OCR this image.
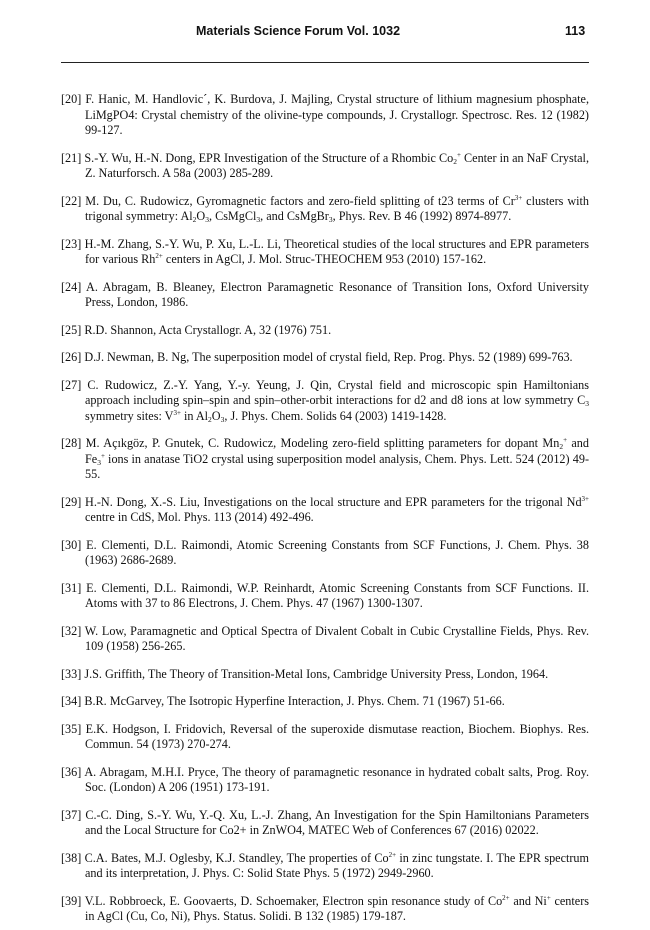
Materials Science Forum Vol. 1032	113

[20] F. Hanic, M. Handlovic´, K. Burdova, J. Majling, Crystal structure of lithium magnesium phosphate, LiMgPO4: Crystal chemistry of the olivine-type compounds, J. Crystallogr. Spectrosc. Res. 12 (1982) 99-127.

[21] S.-Y. Wu, H.-N. Dong, EPR Investigation of the Structure of a Rhombic $Co_2^+$ Center in an NaF Crystal, Z. Naturforsch. A 58a (2003) 285-289.

[22] M. Du, C. Rudowicz, Gyromagnetic factors and zero-field splitting of t23 terms of $Cr^{3+}$ clusters with trigonal symmetry: $Al_2O_3$, CsMgCl$_3$, and CsMgBr$_3$, Phys. Rev. B 46 (1992) 8974-8977.

[23] H.-M. Zhang, S.-Y. Wu, P. Xu, L.-L. Li, Theoretical studies of the local structures and EPR parameters for various $Rh^{2+}$ centers in AgCl, J. Mol. Struc-THEOCHEM 953 (2010) 157-162.

[24] A. Abragam, B. Bleaney, Electron Paramagnetic Resonance of Transition Ions, Oxford University Press, London, 1986.

[25] R.D. Shannon, Acta Crystallogr. A, 32 (1976) 751.

[26] D.J. Newman, B. Ng, The superposition model of crystal field, Rep. Prog. Phys. 52 (1989) 699-763.

[27] C. Rudowicz, Z.-Y. Yang, Y.-y. Yeung, J. Qin, Crystal field and microscopic spin Hamiltonians approach including spin–spin and spin–other-orbit interactions for d2 and d8 ions at low symmetry $C_3$ symmetry sites: $V^{3+}$ in $Al_2O_3$, J. Phys. Chem. Solids 64 (2003) 1419-1428.

[28] M. Açıkgöz, P. Gnutek, C. Rudowicz, Modeling zero-field splitting parameters for dopant $Mn_2^+$ and $Fe_3^+$ ions in anatase TiO2 crystal using superposition model analysis, Chem. Phys. Lett. 524 (2012) 49-55.

[29] H.-N. Dong, X.-S. Liu, Investigations on the local structure and EPR parameters for the trigonal $Nd^{3+}$ centre in CdS, Mol. Phys. 113 (2014) 492-496.

[30] E. Clementi, D.L. Raimondi, Atomic Screening Constants from SCF Functions, J. Chem. Phys. 38 (1963) 2686-2689.

[31] E. Clementi, D.L. Raimondi, W.P. Reinhardt, Atomic Screening Constants from SCF Functions. II. Atoms with 37 to 86 Electrons, J. Chem. Phys. 47 (1967) 1300-1307.

[32] W. Low, Paramagnetic and Optical Spectra of Divalent Cobalt in Cubic Crystalline Fields, Phys. Rev. 109 (1958) 256-265.

[33] J.S. Griffith, The Theory of Transition-Metal Ions, Cambridge University Press, London, 1964.

[34] B.R. McGarvey, The Isotropic Hyperfine Interaction, J. Phys. Chem. 71 (1967) 51-66.

[35] E.K. Hodgson, I. Fridovich, Reversal of the superoxide dismutase reaction, Biochem. Biophys. Res. Commun. 54 (1973) 270-274.

[36] A. Abragam, M.H.I. Pryce, The theory of paramagnetic resonance in hydrated cobalt salts, Prog. Roy. Soc. (London) A 206 (1951) 173-191.

[37] C.-C. Ding, S.-Y. Wu, Y.-Q. Xu, L.-J. Zhang, An Investigation for the Spin Hamiltonians Parameters and the Local Structure for Co2+ in ZnWO4, MATEC Web of Conferences 67 (2016) 02022.

[38] C.A. Bates, M.J. Oglesby, K.J. Standley, The properties of $Co^{2+}$ in zinc tungstate. I. The EPR spectrum and its interpretation, J. Phys. C: Solid State Phys. 5 (1972) 2949-2960.

[39] V.L. Robbroeck, E. Goovaerts, D. Schoemaker, Electron spin resonance study of $Co^{2+}$ and Ni+ centers in AgCl (Cu, Co, Ni), Phys. Status. Solidi. B 132 (1985) 179-187.
